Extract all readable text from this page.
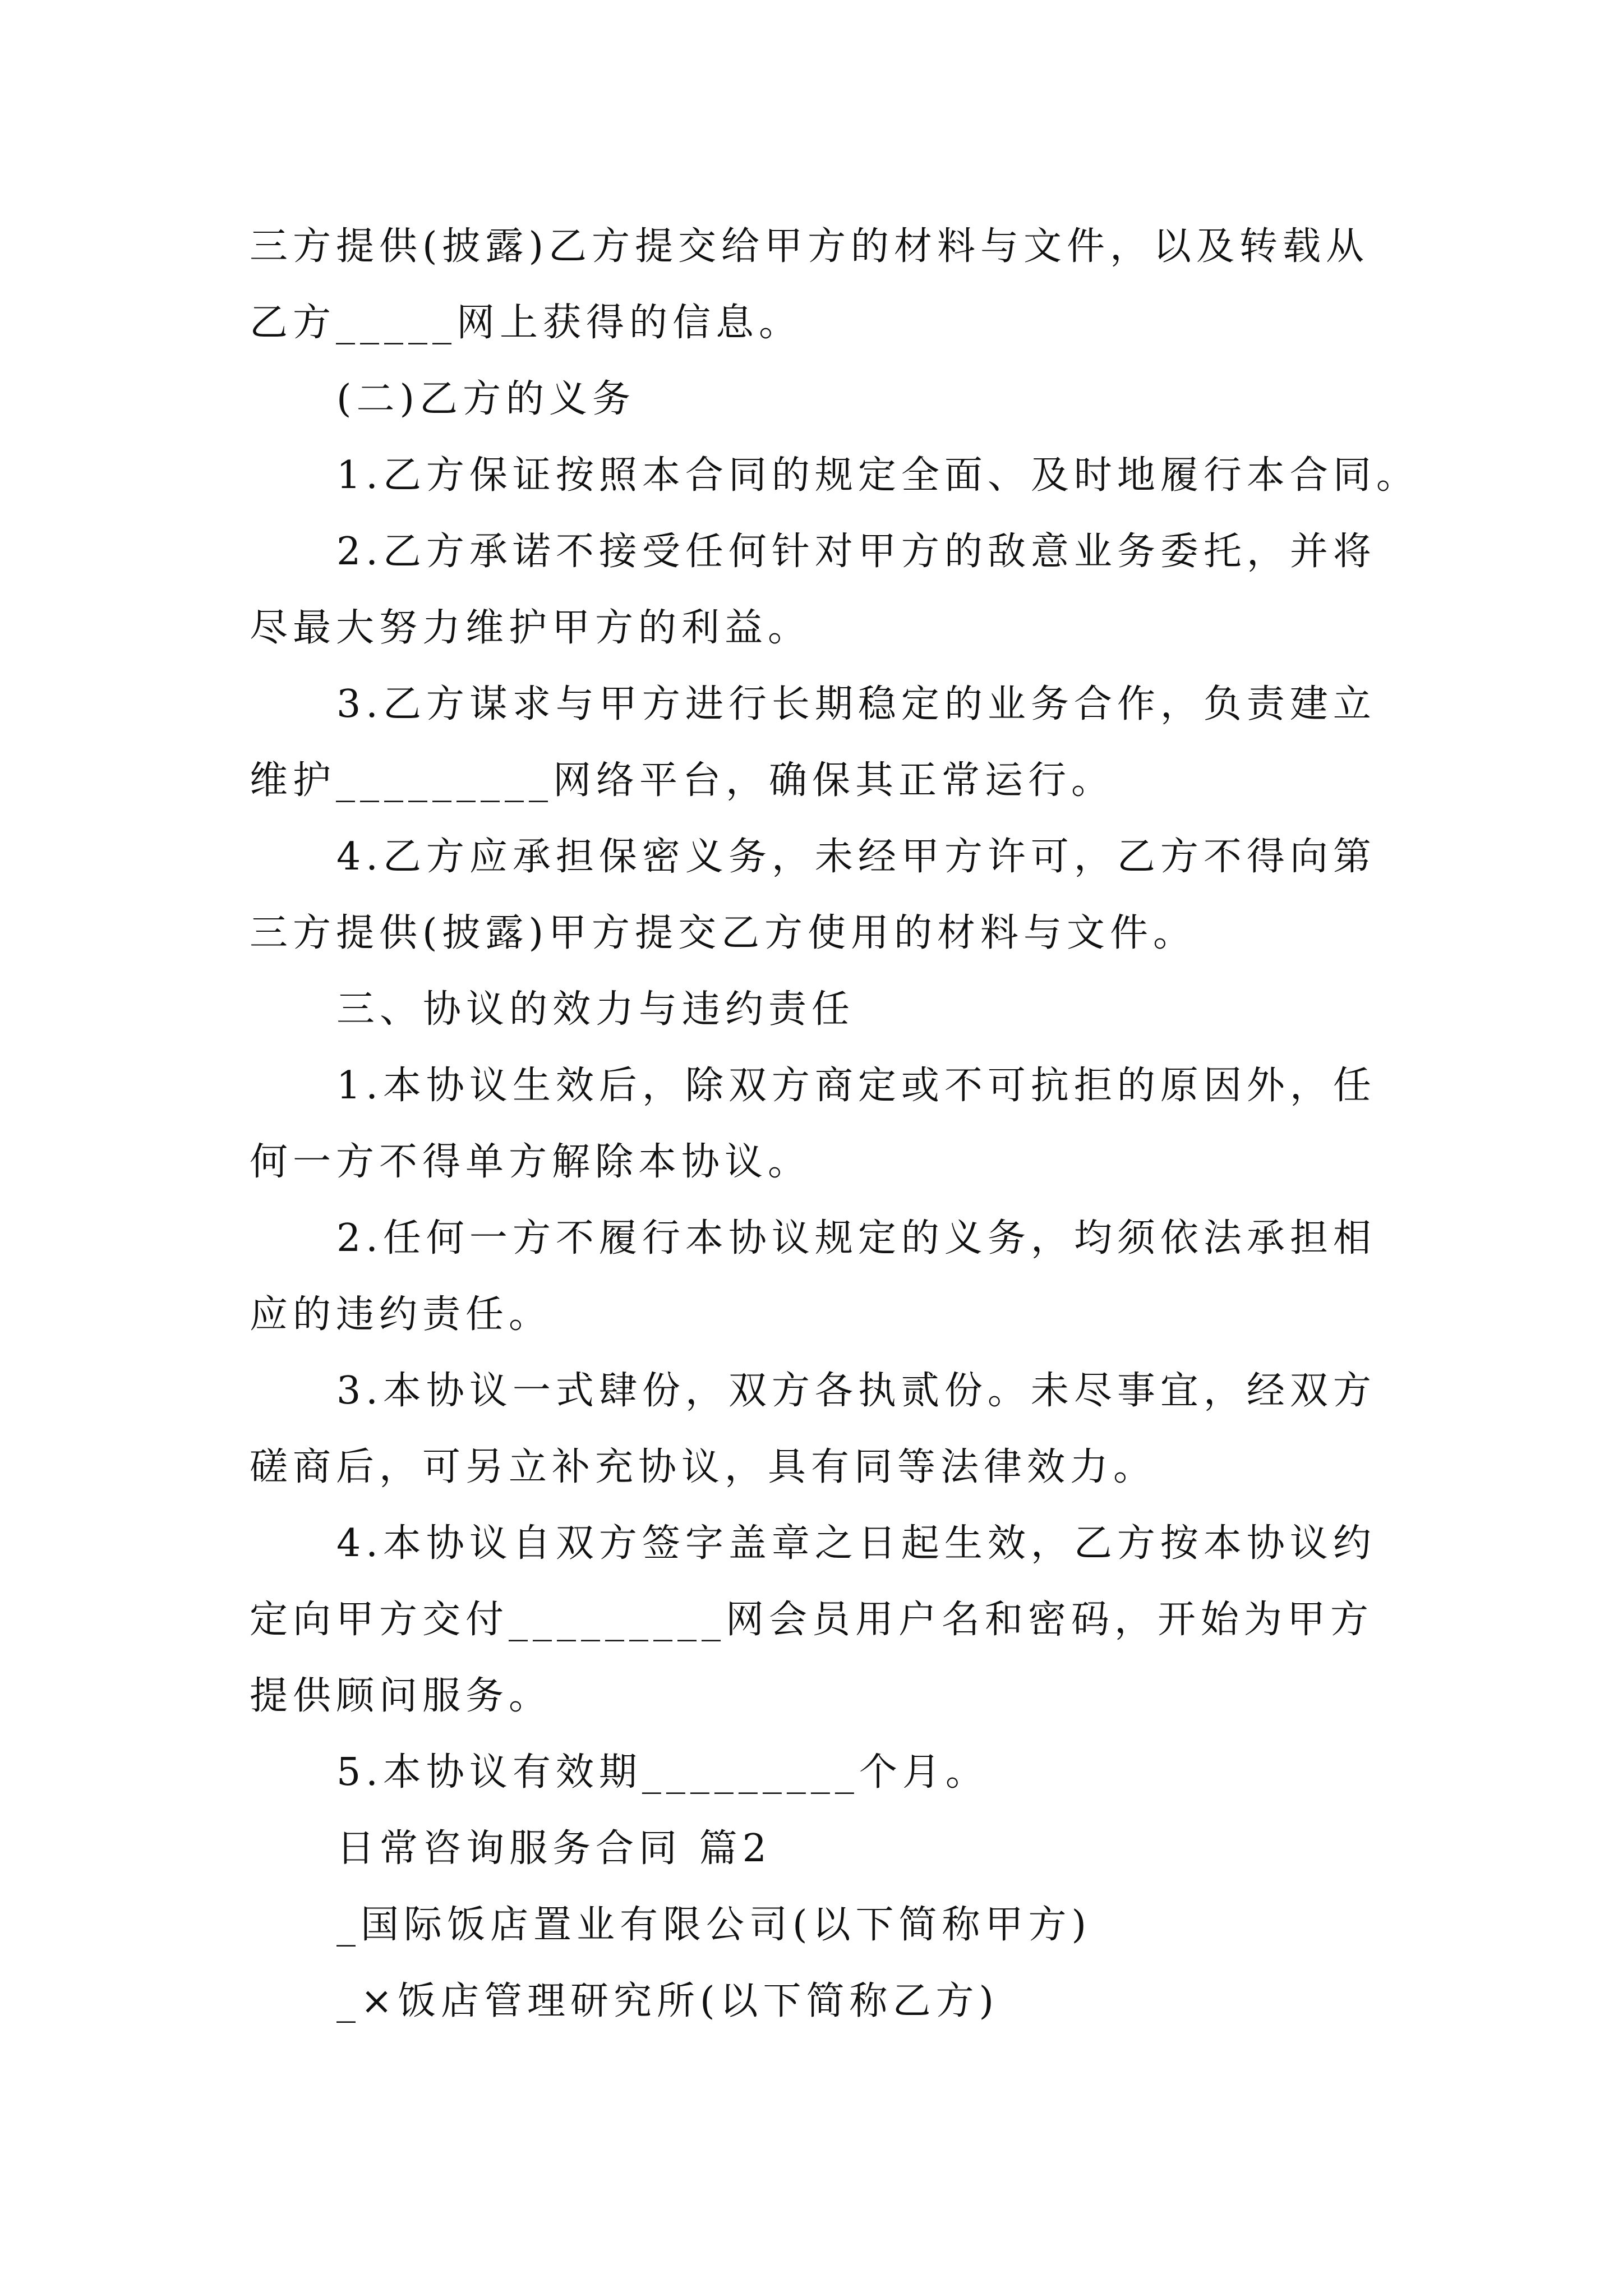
三方提供(披露)乙方提交给甲方的材料与文件，以及转载从
乙方_____网上获得的信息。
(二)乙方的义务
1.乙方保证按照本合同的规定全面、及时地履行本合同。
2.乙方承诺不接受任何针对甲方的敌意业务委托，并将
尽最大努力维护甲方的利益。
3.乙方谋求与甲方进行长期稳定的业务合作，负责建立
维护_________网络平台，确保其正常运行。
4.乙方应承担保密义务，未经甲方许可，乙方不得向第
三方提供(披露)甲方提交乙方使用的材料与文件。
三、协议的效力与违约责任
1.本协议生效后，除双方商定或不可抗拒的原因外，任
何一方不得单方解除本协议。
2.任何一方不履行本协议规定的义务，均须依法承担相
应的违约责任。
3.本协议一式肆份，双方各执贰份。未尽事宜，经双方
磋商后，可另立补充协议，具有同等法律效力。
4.本协议自双方签字盖章之日起生效，乙方按本协议约
定向甲方交付_________网会员用户名和密码，开始为甲方
提供顾问服务。
5.本协议有效期_________个月。
日常咨询服务合同 篇2
_国际饭店置业有限公司(以下简称甲方)
_×饭店管理研究所(以下简称乙方)
